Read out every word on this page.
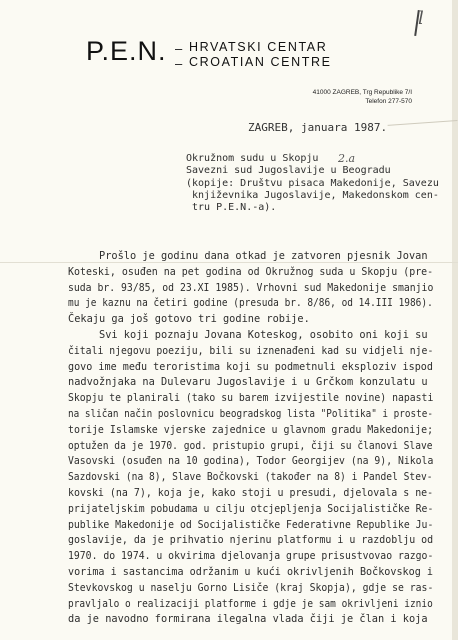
l
P.E.N. –
–
HRVATSKI CENTAR
CROATIAN CENTRE
41000 ZAGREB, Trg Republike 7/I
Telefon 277-570
ZAGREB, januara 1987.
Okružnom sudu u Skopju
Savezni sud Jugoslavije u Beogradu
(kopije: Društvu pisaca Makedonije, Savezu
književnika Jugoslavije, Makedonskom cen-
tru P.E.N.-a).
2.a
Prošlo je godinu dana otkad je zatvoren pjesnik Jovan
Koteski, osuđen na pet godina od Okružnog suda u Skopju (pre-
suda br. 93/85, od 23.XI 1985). Vrhovni sud Makedonije smanjio
mu je kaznu na četiri godine (presuda br. 8/86, od 14.III 1986).
Čekaju ga još gotovo tri godine robije.
Svi koji poznaju Jovana Koteskog, osobito oni koji su
čitali njegovu poeziju, bili su iznenađeni kad su vidjeli nje-
govo ime među teroristima koji su podmetnuli eksploziv ispod
nadvožnjaka na Dulevaru Jugoslavije i u Grčkom konzulatu u
Skopju te planirali (tako su barem izvijestile novine) napasti
na sličan način poslovnicu beogradskog lista "Politika" i proste-
torije Islamske vjerske zajednice u glavnom gradu Makedonije;
optužen da je 1970. god. pristupio grupi, čiji su članovi Slave
Vasovski (osuđen na 10 godina), Todor Georgijev (na 9), Nikola
Sazdovski (na 8), Slave Bočkovski (također na 8) i Pandel Stev-
kovski (na 7), koja je, kako stoji u presudi, djelovala s ne-
prijateljskim pobudama u cilju otcjepljenja Socijalističke Re-
publike Makedonije od Socijalističke Federativne Republike Ju-
goslavije, da je prihvatio njerinu platformu i u razdoblju od
1970. do 1974. u okvirima djelovanja grupe prisustvovao razgo-
vorima i sastancima održanim u kući okrivljenih Bočkovskog i
Stevkovskog u naselju Gorno Lisiče (kraj Skopja), gdje se ras-
pravljalo o realizaciji platforme i gdje je sam okrivljeni iznio
da je navodno formirana ilegalna vlada čiji je član i koja
